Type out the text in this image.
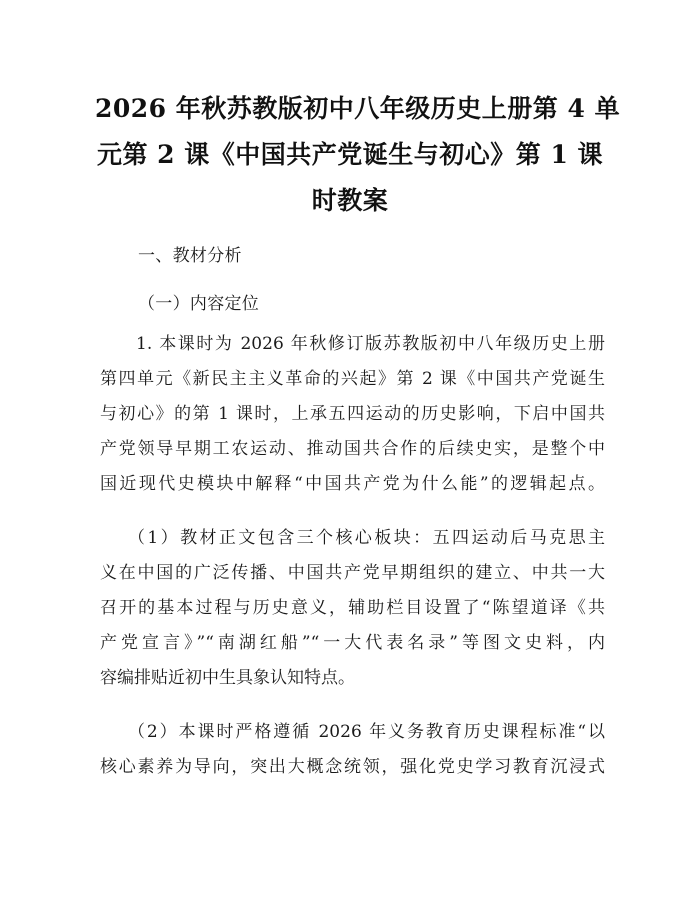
2026 年秋苏教版初中八年级历史上册第 4 单
元第 2 课《中国共产党诞生与初心》第 1 课
时教案

一、教材分析

（一）内容定位

1. 本课时为 2026 年秋修订版苏教版初中八年级历史上册
第四单元《新民主主义革命的兴起》第 2 课《中国共产党诞生
与初心》的第 1 课时，上承五四运动的历史影响，下启中国共
产党领导早期工农运动、推动国共合作的后续史实，是整个中
国近现代史模块中解释“中国共产党为什么能”的逻辑起点。
（1）教材正文包含三个核心板块：五四运动后马克思主
义在中国的广泛传播、中国共产党早期组织的建立、中共一大
召开的基本过程与历史意义，辅助栏目设置了“陈望道译《共
产党宣言》”“南湖红船”“一大代表名录”等图文史料，内
容编排贴近初中生具象认知特点。
（2）本课时严格遵循 2026 年义务教育历史课程标准“以
核心素养为导向，突出大概念统领，强化党史学习教育沉浸式
